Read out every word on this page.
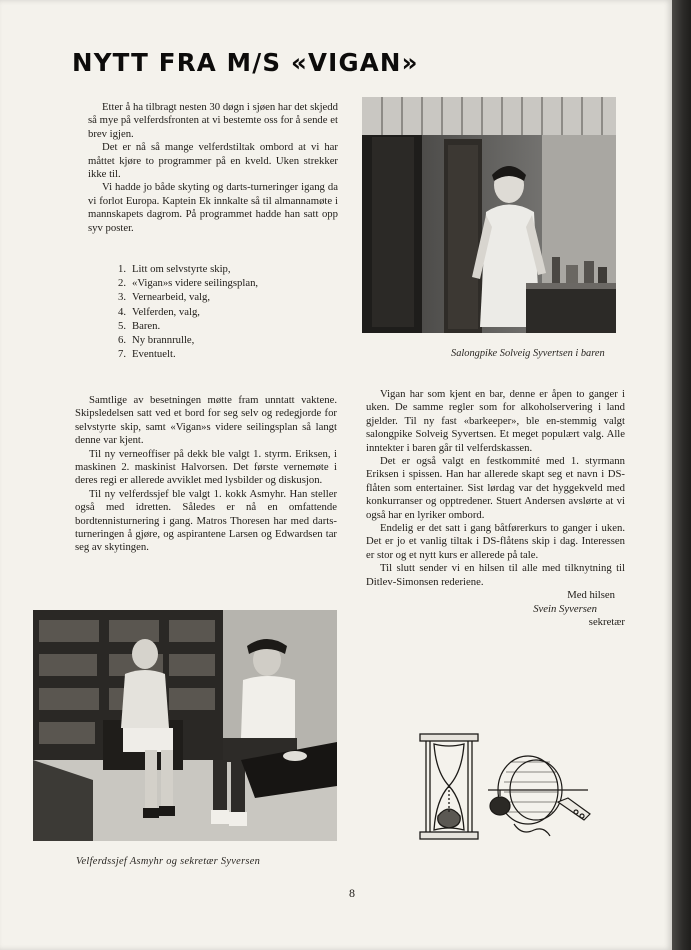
NYTT FRA M/S «VIGAN»

Etter å ha tilbragt nesten 30 døgn i sjøen har det skjedd så mye på velferdsfronten at vi bestemte oss for å sende et brev igjen.

Det er nå så mange velferdstiltak ombord at vi har måttet kjøre to programmer på en kveld. Uken strekker ikke til.

Vi hadde jo både skyting og darts-turneringer igang da vi forlot Europa. Kaptein Ek innkalte så til almannamøte i mannskapets dagrom. På programmet hadde han satt opp syv poster.

1. Litt om selvstyrte skip,
2. «Vigan»s videre seilingsplan,
3. Vernearbeid, valg,
4. Velferden, valg,
5. Baren.
6. Ny brannrulle,
7. Eventuelt.	Salongpike Solveig Syvertsen i baren

Samtlige av besetningen møtte fram unntatt vaktene. Skipsledelsen satt ved et bord for seg selv og redegjorde for selvstyrte skip, samt «Vigan»s videre seilingsplan så langt denne var kjent.

Til ny verneoffiser på dekk ble valgt 1. styrm. Eriksen, i maskinen 2. maskinist Halvorsen. Det første vernemøte i deres regi er allerede avviklet med lysbilder og diskusjon.

Til ny velferdssjef ble valgt 1. kokk Asmyhr. Han steller også med idretten. Således er nå en omfattende bordtennisturnering i gang. Matros Thoresen har med darts-turneringen å gjøre, og aspirantene Larsen og Edwardsen tar seg av skytingen.

Vigan har som kjent en bar, denne er åpen to ganger i uken. De samme regler som for alkoholservering i land gjelder. Til ny fast «barkeeper», ble en-stemmig valgt salongpike Solveig Syvertsen. Et meget populært valg. Alle inntekter i baren går til velferdskassen.

Det er også valgt en festkommité med 1. styrmann Eriksen i spissen. Han har allerede skapt seg et navn i DS-flåten som entertainer. Sist lørdag var det hyggekveld med konkurranser og opptredener. Stuert Andersen avslørte at vi også har en lyriker ombord.

Endelig er det satt i gang båtførerkurs to ganger i uken. Det er jo et vanlig tiltak i DS-flåtens skip i dag. Interessen er stor og et nytt kurs er allerede på tale.

Til slutt sender vi en hilsen til alle med tilknytning til Ditlev-Simonsen rederiene.

Med hilsen

Svein Syversen

sekretær

Velferdssjef Asmyhr og sekretær Syversen
8
